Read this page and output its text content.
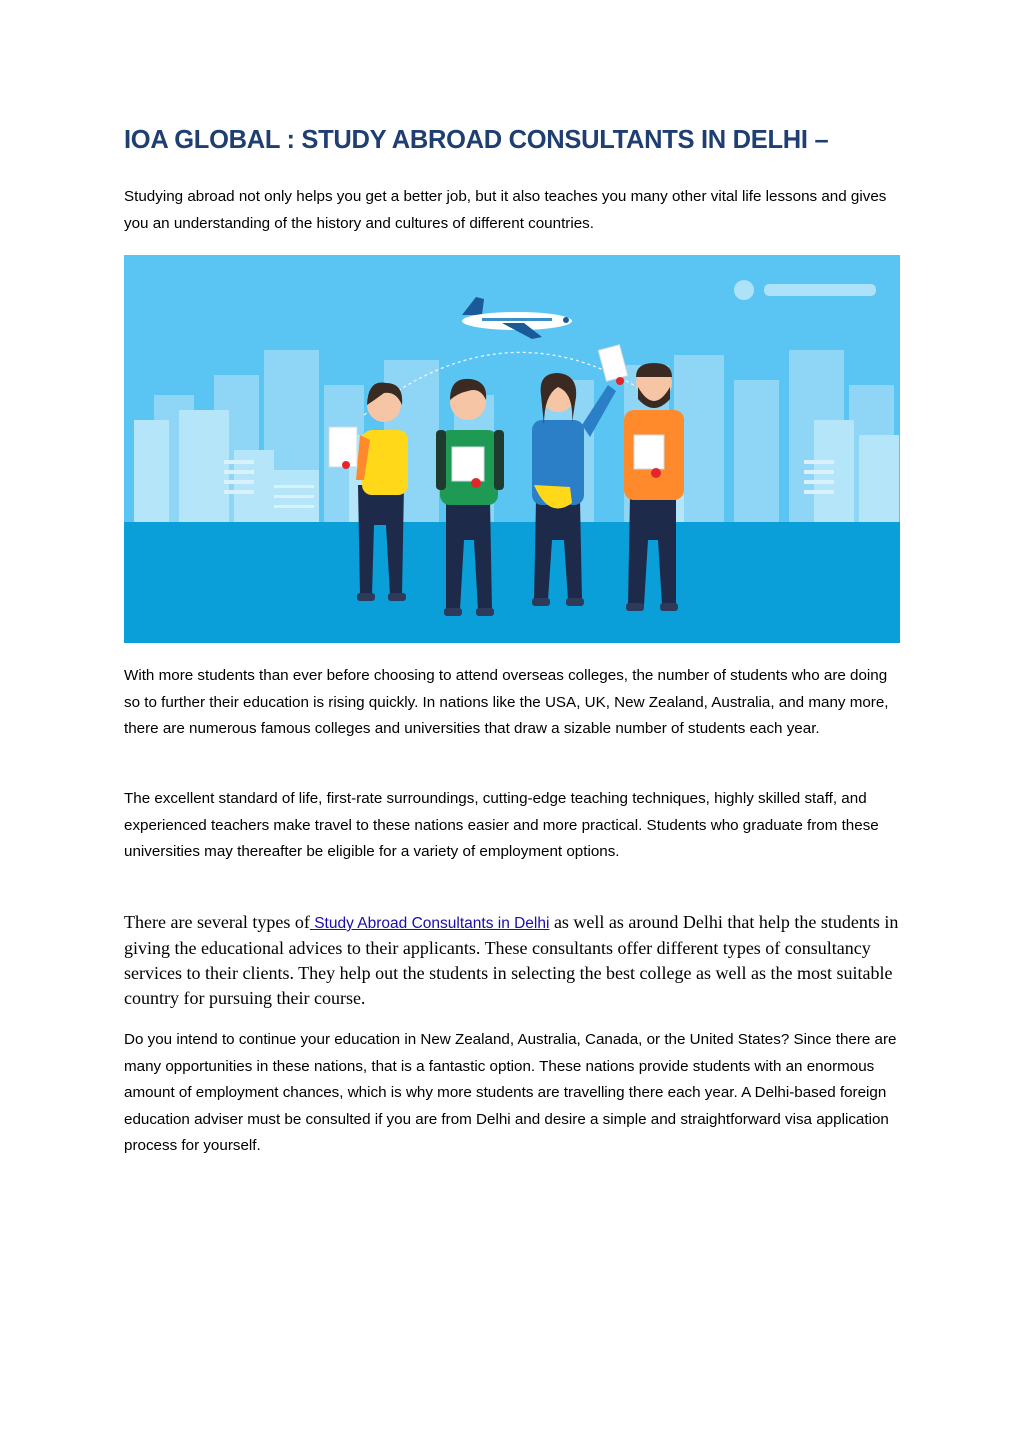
IOA GLOBAL : STUDY ABROAD CONSULTANTS IN DELHI –

Studying abroad not only helps you get a better job, but it also teaches you many other vital life lessons and gives you an understanding of the history and cultures of different countries.

With more students than ever before choosing to attend overseas colleges, the number of students who are doing so to further their education is rising quickly. In nations like the USA, UK, New Zealand, Australia, and many more, there are numerous famous colleges and universities that draw a sizable number of students each year.

The excellent standard of life, first-rate surroundings, cutting-edge teaching techniques, highly skilled staff, and experienced teachers make travel to these nations easier and more practical. Students who graduate from these universities may thereafter be eligible for a variety of employment options.

There are several types of Study Abroad Consultants in Delhi as well as around Delhi that help the students in giving the educational advices to their applicants. These consultants offer different types of consultancy services to their clients. They help out the students in selecting the best college as well as the most suitable country for pursuing their course.

Do you intend to continue your education in New Zealand, Australia, Canada, or the United States? Since there are many opportunities in these nations, that is a fantastic option. These nations provide students with an enormous amount of employment chances, which is why more students are travelling there each year. A Delhi-based foreign education adviser must be consulted if you are from Delhi and desire a simple and straightforward visa application process for yourself.
